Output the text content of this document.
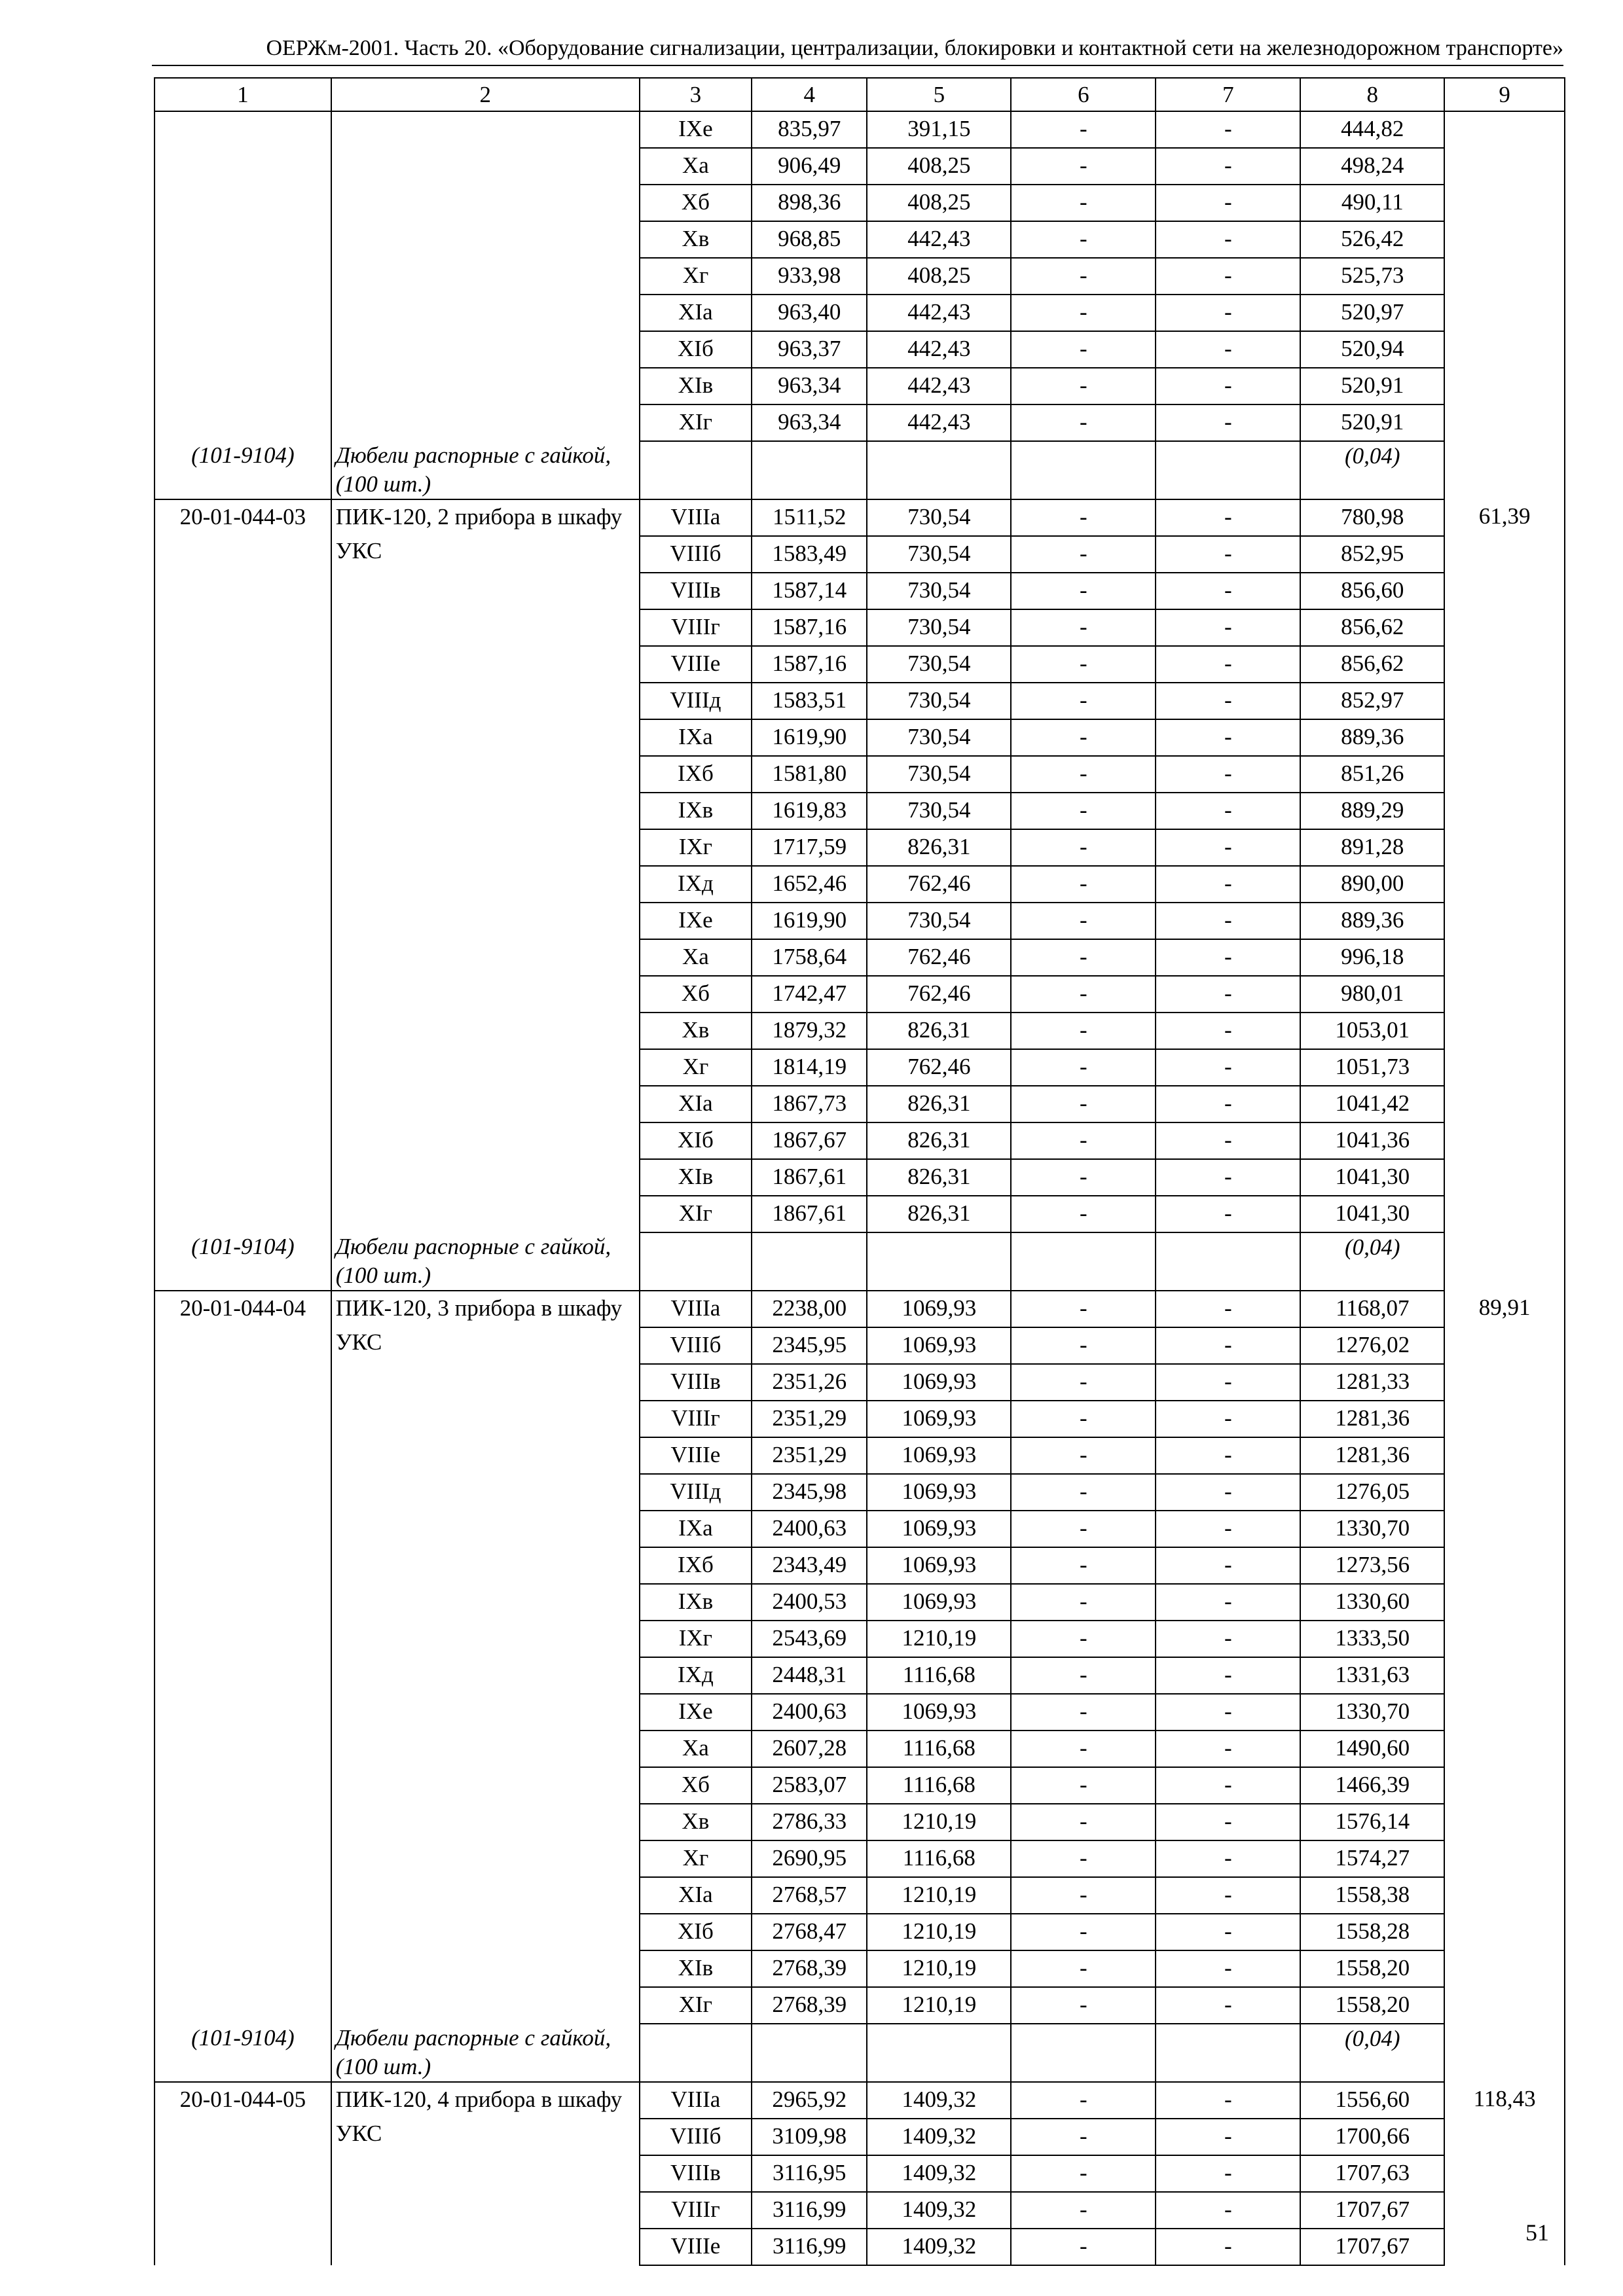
ОЕРЖм-2001. Часть 20. «Оборудование сигнализации, централизации, блокировки и контактной сети на железнодорожном транспорте»
1	2	3	4	5	6	7	8	9
		IXе	835,97	391,15	-	-	444,82	
		Xа	906,49	408,25	-	-	498,24	
		Xб	898,36	408,25	-	-	490,11	
		Xв	968,85	442,43	-	-	526,42	
		Xг	933,98	408,25	-	-	525,73	
		XIа	963,40	442,43	-	-	520,97	
		XIб	963,37	442,43	-	-	520,94	
		XIв	963,34	442,43	-	-	520,91	
		XIг	963,34	442,43	-	-	520,91	
(101-9104)	Дюбели распорные с гайкой, (100 шт.)						(0,04)	
20-01-044-03	ПИК-120, 2 прибора в шкафу УКС	VIIIа	1511,52	730,54	-	-	780,98	61,39
		VIIIб	1583,49	730,54	-	-	852,95	
		VIIIв	1587,14	730,54	-	-	856,60	
		VIIIг	1587,16	730,54	-	-	856,62	
		VIIIе	1587,16	730,54	-	-	856,62	
		VIIIд	1583,51	730,54	-	-	852,97	
		IXа	1619,90	730,54	-	-	889,36	
		IXб	1581,80	730,54	-	-	851,26	
		IXв	1619,83	730,54	-	-	889,29	
		IXг	1717,59	826,31	-	-	891,28	
		IXд	1652,46	762,46	-	-	890,00	
		IXе	1619,90	730,54	-	-	889,36	
		Xа	1758,64	762,46	-	-	996,18	
		Xб	1742,47	762,46	-	-	980,01	
		Xв	1879,32	826,31	-	-	1053,01	
		Xг	1814,19	762,46	-	-	1051,73	
		XIа	1867,73	826,31	-	-	1041,42	
		XIб	1867,67	826,31	-	-	1041,36	
		XIв	1867,61	826,31	-	-	1041,30	
		XIг	1867,61	826,31	-	-	1041,30	
(101-9104)	Дюбели распорные с гайкой, (100 шт.)						(0,04)	
20-01-044-04	ПИК-120, 3 прибора в шкафу УКС	VIIIа	2238,00	1069,93	-	-	1168,07	89,91
		VIIIб	2345,95	1069,93	-	-	1276,02	
		VIIIв	2351,26	1069,93	-	-	1281,33	
		VIIIг	2351,29	1069,93	-	-	1281,36	
		VIIIе	2351,29	1069,93	-	-	1281,36	
		VIIIд	2345,98	1069,93	-	-	1276,05	
		IXа	2400,63	1069,93	-	-	1330,70	
		IXб	2343,49	1069,93	-	-	1273,56	
		IXв	2400,53	1069,93	-	-	1330,60	
		IXг	2543,69	1210,19	-	-	1333,50	
		IXд	2448,31	1116,68	-	-	1331,63	
		IXе	2400,63	1069,93	-	-	1330,70	
		Xа	2607,28	1116,68	-	-	1490,60	
		Xб	2583,07	1116,68	-	-	1466,39	
		Xв	2786,33	1210,19	-	-	1576,14	
		Xг	2690,95	1116,68	-	-	1574,27	
		XIа	2768,57	1210,19	-	-	1558,38	
		XIб	2768,47	1210,19	-	-	1558,28	
		XIв	2768,39	1210,19	-	-	1558,20	
		XIг	2768,39	1210,19	-	-	1558,20	
(101-9104)	Дюбели распорные с гайкой, (100 шт.)						(0,04)	
20-01-044-05	ПИК-120, 4 прибора в шкафу УКС	VIIIа	2965,92	1409,32	-	-	1556,60	118,43
		VIIIб	3109,98	1409,32	-	-	1700,66	
		VIIIв	3116,95	1409,32	-	-	1707,63	
		VIIIг	3116,99	1409,32	-	-	1707,67	
		VIIIе	3116,99	1409,32	-	-	1707,67	
51
